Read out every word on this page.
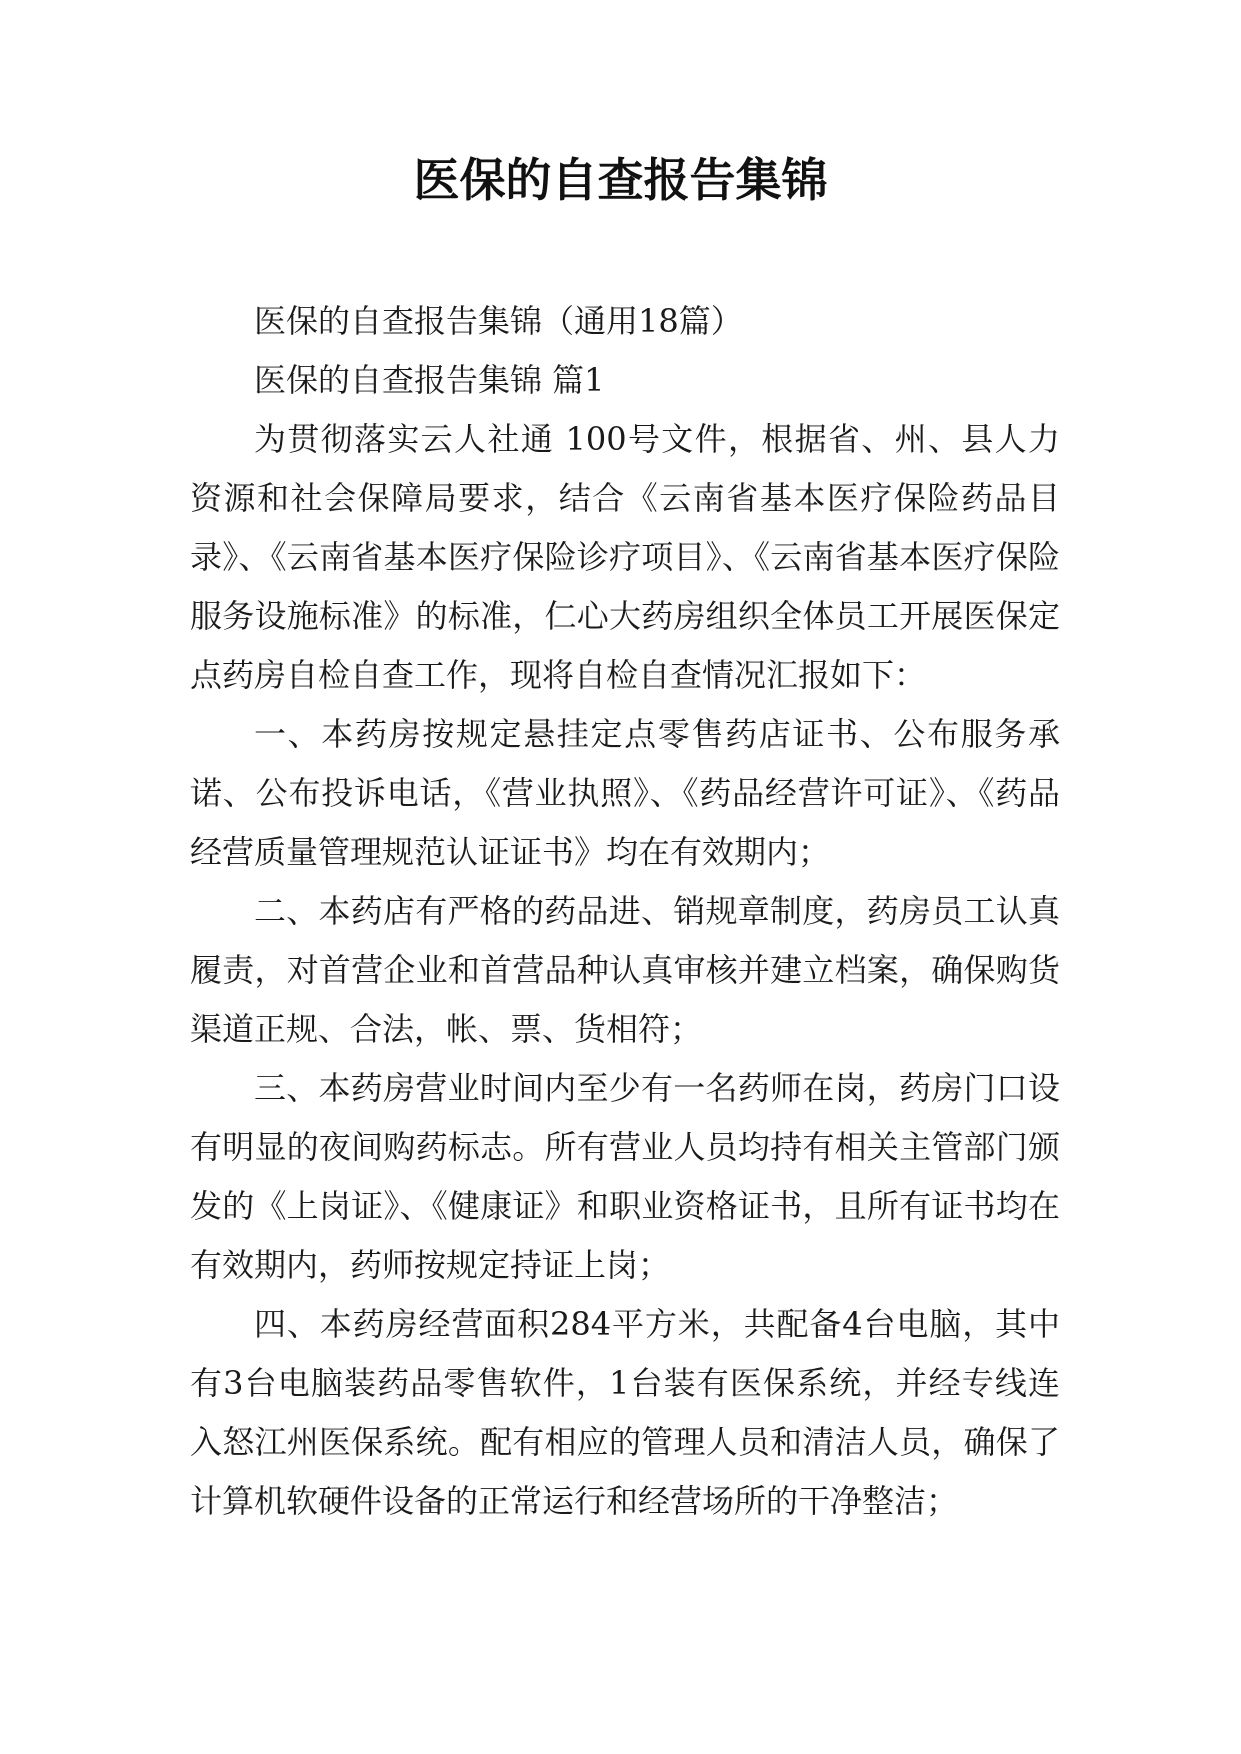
医保的自查报告集锦

医保的自查报告集锦（通用18篇）

医保的自查报告集锦 篇1

为贯彻落实云人社通 100号文件，根据省、州、县人力资源和社会保障局要求，结合《云南省基本医疗保险药品目录》、《云南省基本医疗保险诊疗项目》、《云南省基本医疗保险服务设施标准》的标准，仁心大药房组织全体员工开展医保定点药房自检自查工作，现将自检自查情况汇报如下：

一、本药房按规定悬挂定点零售药店证书、公布服务承诺、公布投诉电话，《营业执照》、《药品经营许可证》、《药品经营质量管理规范认证证书》均在有效期内；

二、本药店有严格的药品进、销规章制度，药房员工认真履责，对首营企业和首营品种认真审核并建立档案，确保购货渠道正规、合法，帐、票、货相符；

三、本药房营业时间内至少有一名药师在岗，药房门口设有明显的夜间购药标志。所有营业人员均持有相关主管部门颁发的《上岗证》、《健康证》和职业资格证书，且所有证书均在有效期内，药师按规定持证上岗；

四、本药房经营面积284平方米，共配备4台电脑，其中有3台电脑装药品零售软件，1台装有医保系统，并经专线连入怒江州医保系统。配有相应的管理人员和清洁人员，确保了计算机软硬件设备的正常运行和经营场所的干净整洁；
